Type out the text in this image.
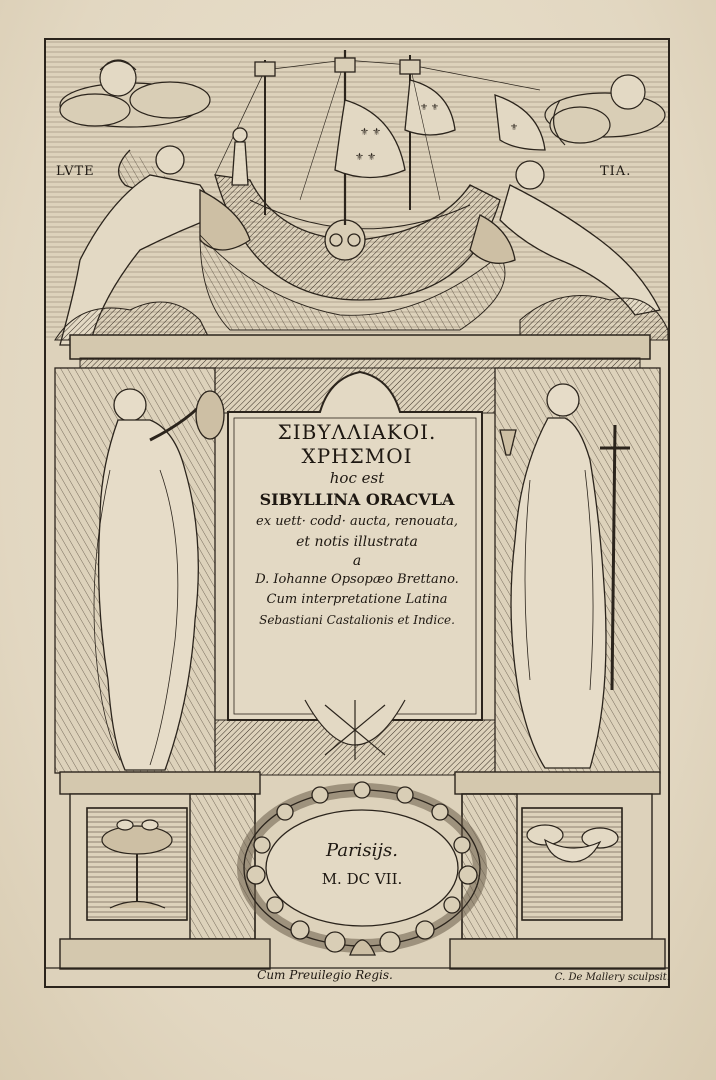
⚜ ⚜
⚜ ⚜
⚜ ⚜
⚜
LVTE	TIA.
ΣΙΒΥΛΛΙΑΚΟΙ.
ΧΡΗΣΜΟΙ
hoc est
SIBYLLINA ORACVLA
ex uett· codd· aucta, renouata,
et notis illustrata
a
D. Iohanne Opsopæo Brettano.
Cum interpretatione Latina
Sebastiani Castalionis et Indice.
Parisijs.
M. DC VII.
Cum Preuilegio Regis.	C. De Mallery sculpsit.
